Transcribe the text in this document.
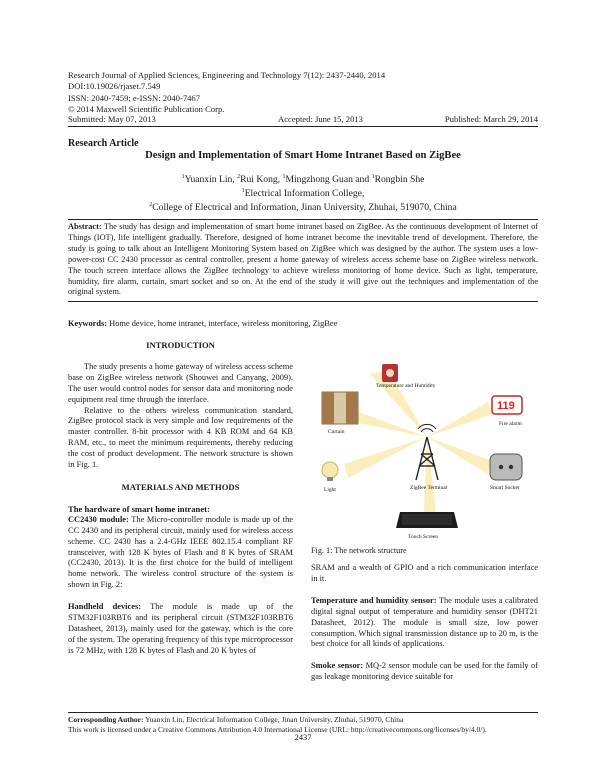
Research Journal of Applied Sciences, Engineering and Technology 7(12): 2437-2440, 2014
DOI:10.19026/rjaset.7.549
ISSN: 2040-7459; e-ISSN: 2040-7467
© 2014 Maxwell Scientific Publication Corp.
Submitted: May 07, 2013	Accepted: June 15, 2013	Published: March 29, 2014
Research Article
Design and Implementation of Smart Home Intranet Based on ZigBee
$^1$Yuanxin Lin, $^2$Rui Kong, $^1$Mingzhong Guan and $^1$Rongbin She
$^1$Electrical Information College,
$^2$College of Electrical and Information, Jinan University, Zhuhai, 519070, China
Abstract: The study has design and implementation of smart home intranet based on ZigBee. As the continuous development of Internet of Things (IOT), life intelligent gradually. Therefore, designed of home intranet become the inevitable trend of development. Therefore, the study is going to talk about an Intelligent Monitoring System based on ZigBee which was designed by the author. The system uses a low-power-cost CC 2430 processor as central controller, present a home gateway of wireless access scheme base on ZigBee wireless network. The touch screen interface allows the ZigBee technology to achieve wireless monitoring of home device. Such as light, temperature, humidity, fire alarm, curtain, smart socket and so on. At the end of the study it will give out the techniques and implementation of the original system.
Keywords: Home device, home intranet, interface, wireless monitoring, ZigBee
INTRODUCTION

The study presents a home gateway of wireless access scheme base on ZigBee wireless network (Shouwei and Canyang, 2009). The user would control nodes for sensor data and monitoring node equipment real time through the interface.

Relative to the others wireless communication standard, ZigBee protocol stack is very simple and low requirements of the master controller. 8-bit processor with 4 KB ROM and 64 KB RAM, etc., to meet the minimum requirements, thereby reducing the cost of product development. The network structure is shown in Fig. 1.

MATERIALS AND METHODS
The hardware of smart home intranet:

CC2430 module: The Micro-controller module is made up of the CC 2430 and its peripheral circuit, mainly used for wireless access scheme. CC 2430 has a 2.4-GHz IEEE 802.15.4 compliant RF transceiver, with 128 K bytes of Flash and 8 K bytes of SRAM (CC2430, 2013). It is the first choice for the build of intelligent home network. The wireless control structure of the system is shown in Fig. 2:

Handheld devices: The module is made up of the STM32F103RBT6 and its peripheral circuit (STM32F103RBT6 Datasheet, 2013), mainly used for the gateway, which is the core of the system. The operating frequency of this type microprocessor is 72 MHz, with 128 K bytes of Flash and 20 K bytes of

Temperature and Humidity
Curtain
119
Fire alarm
ZigBee Terminal
Light	Smart Socket
Touch Screen
Fig. 1: The network structure

SRAM and a wealth of GPIO and a rich communication interface in it.

Temperature and humidity sensor: The module uses a calibrated digital signal output of temperature and humidity sensor (DHT21 Datasheet, 2012). The module is small size, low power consumption. Which signal transmission distance up to 20 m, is the best choice for all kinds of applications.

Smoke sensor: MQ-2 sensor module can be used for the family of gas leakage monitoring device suitable for

Corresponding Author: Yuanxin Lin, Electrical Information College, Jinan University, Zhuhai, 519070, China
This work is licensed under a Creative Commons Attribution 4.0 International License (URL: http://creativecommons.org/licenses/by/4.0/).
2437
